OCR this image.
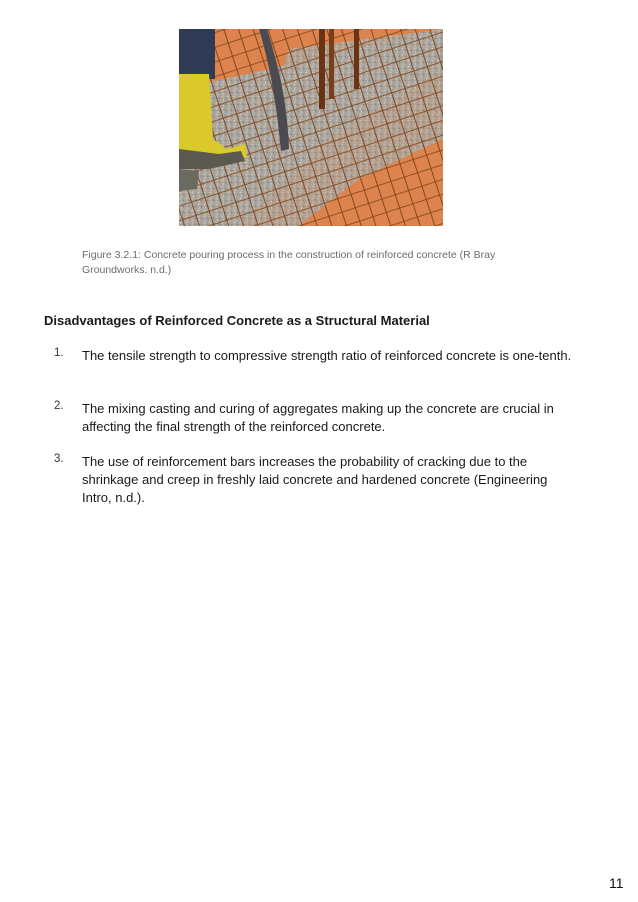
Figure 3.2.1: Concrete pouring process in the construction of reinforced concrete (R Bray Groundworks. n.d.)
Disadvantages of Reinforced Concrete as a Structural Material
1. The tensile strength to compressive strength ratio of reinforced concrete is one-tenth.
2. The mixing casting and curing of aggregates making up the concrete are crucial in affecting the final strength of the reinforced concrete.
3. The use of reinforcement bars increases the probability of cracking due to the shrinkage and creep in freshly laid concrete and hardened concrete (Engineering Intro, n.d.).
11
